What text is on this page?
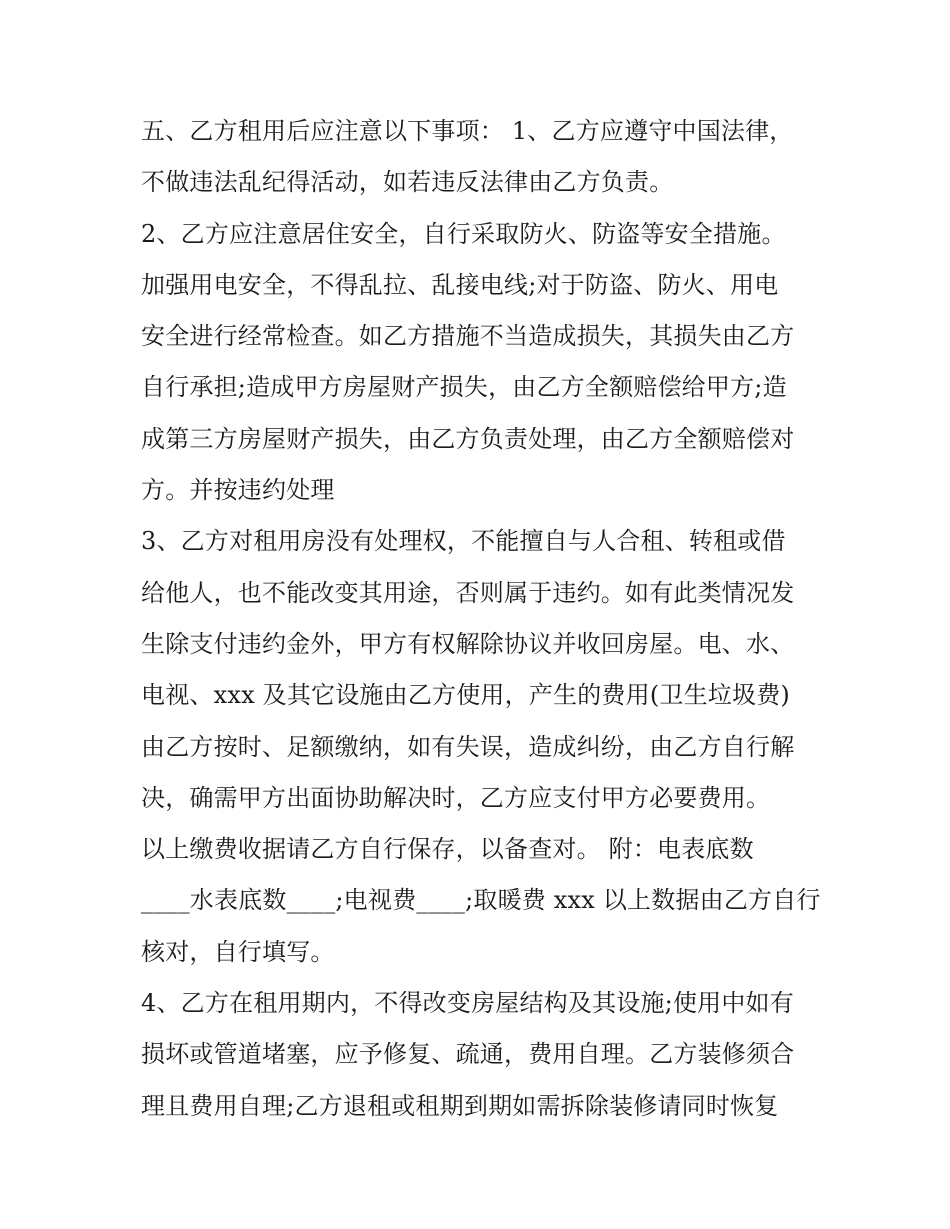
五、乙方租用后应注意以下事项： 1、乙方应遵守中国法律，
不做违法乱纪得活动，如若违反法律由乙方负责。
2、乙方应注意居住安全，自行采取防火、防盗等安全措施。
加强用电安全，不得乱拉、乱接电线;对于防盗、防火、用电
安全进行经常检查。如乙方措施不当造成损失，其损失由乙方
自行承担;造成甲方房屋财产损失，由乙方全额赔偿给甲方;造
成第三方房屋财产损失，由乙方负责处理，由乙方全额赔偿对
方。并按违约处理
3、乙方对租用房没有处理权，不能擅自与人合租、转租或借
给他人，也不能改变其用途，否则属于违约。如有此类情况发
生除支付违约金外，甲方有权解除协议并收回房屋。电、水、
电视、xxx 及其它设施由乙方使用，产生的费用(卫生垃圾费)
由乙方按时、足额缴纳，如有失误，造成纠纷，由乙方自行解
决，确需甲方出面协助解决时，乙方应支付甲方必要费用。
以上缴费收据请乙方自行保存，以备查对。 附：电表底数
____水表底数____;电视费____;取暖费 xxx 以上数据由乙方自行
核对，自行填写。
4、乙方在租用期内，不得改变房屋结构及其设施;使用中如有
损坏或管道堵塞，应予修复、疏通，费用自理。乙方装修须合
理且费用自理;乙方退租或租期到期如需拆除装修请同时恢复
